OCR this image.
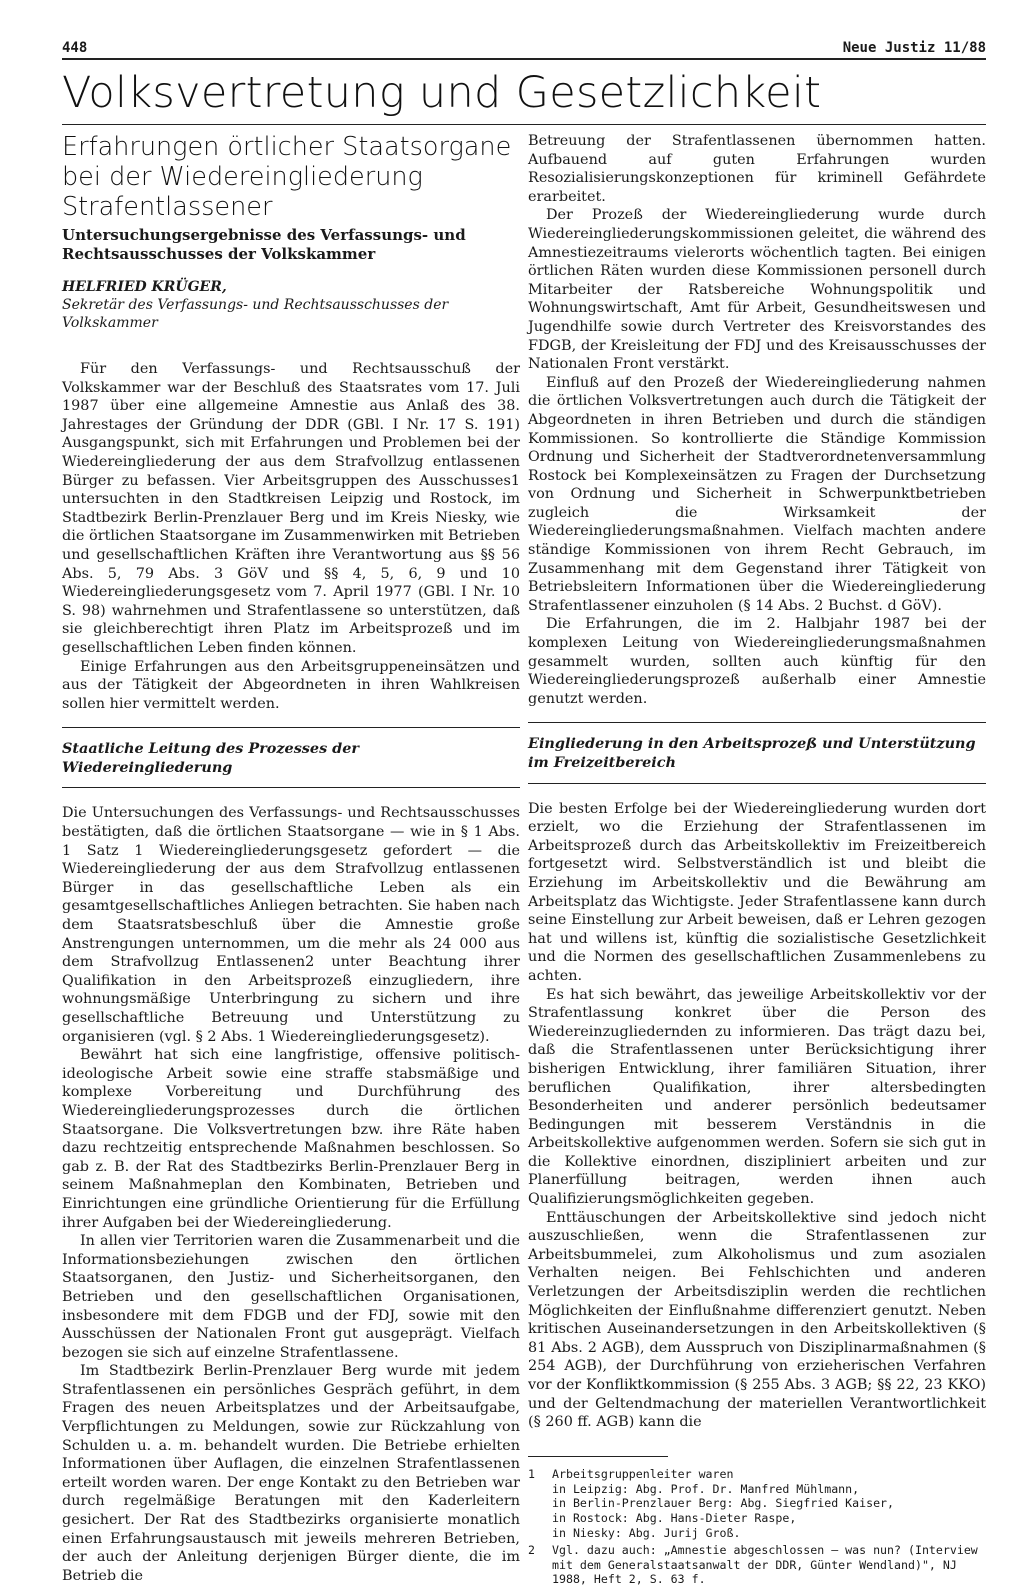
448	Neue Justiz 11/88
Volksvertretung und Gesetzlichkeit
Erfahrungen örtlicher Staatsorgane bei der Wiedereingliederung Strafentlassener
Untersuchungsergebnisse des Verfassungs- und Rechtsausschusses der Volkskammer
HELFRIED KRÜGER,
Sekretär des Verfassungs- und Rechtsausschusses der Volkskammer

Für den Verfassungs- und Rechtsausschuß der Volkskammer war der Beschluß des Staatsrates vom 17. Juli 1987 über eine allgemeine Amnestie aus Anlaß des 38. Jahrestages der Gründung der DDR (GBl. I Nr. 17 S. 191) Ausgangspunkt, sich mit Erfahrungen und Problemen bei der Wiedereingliederung der aus dem Strafvollzug entlassenen Bürger zu befassen. Vier Arbeitsgruppen des Ausschusses1 untersuchten in den Stadtkreisen Leipzig und Rostock, im Stadtbezirk Berlin-Prenzlauer Berg und im Kreis Niesky, wie die örtlichen Staatsorgane im Zusammenwirken mit Betrieben und gesellschaftlichen Kräften ihre Verantwortung aus §§ 56 Abs. 5, 79 Abs. 3 GöV und §§ 4, 5, 6, 9 und 10 Wiedereingliederungsgesetz vom 7. April 1977 (GBl. I Nr. 10 S. 98) wahrnehmen und Strafentlassene so unterstützen, daß sie gleichberechtigt ihren Platz im Arbeitsprozeß und im gesellschaftlichen Leben finden können.

Einige Erfahrungen aus den Arbeitsgruppeneinsätzen und aus der Tätigkeit der Abgeordneten in ihren Wahlkreisen sollen hier vermittelt werden.

Staatliche Leitung des Prozesses der Wiedereingliederung

Die Untersuchungen des Verfassungs- und Rechtsausschusses bestätigten, daß die örtlichen Staatsorgane — wie in § 1 Abs. 1 Satz 1 Wiedereingliederungsgesetz gefordert — die Wiedereingliederung der aus dem Strafvollzug entlassenen Bürger in das gesellschaftliche Leben als ein gesamtgesellschaftliches Anliegen betrachten. Sie haben nach dem Staatsratsbeschluß über die Amnestie große Anstrengungen unternommen, um die mehr als 24 000 aus dem Strafvollzug Entlassenen2 unter Beachtung ihrer Qualifikation in den Arbeitsprozeß einzugliedern, ihre wohnungsmäßige Unterbringung zu sichern und ihre gesellschaftliche Betreuung und Unterstützung zu organisieren (vgl. § 2 Abs. 1 Wiedereingliederungsgesetz).

Bewährt hat sich eine langfristige, offensive politisch-ideologische Arbeit sowie eine straffe stabsmäßige und komplexe Vorbereitung und Durchführung des Wiedereingliederungsprozesses durch die örtlichen Staatsorgane. Die Volksvertretungen bzw. ihre Räte haben dazu rechtzeitig entsprechende Maßnahmen beschlossen. So gab z. B. der Rat des Stadtbezirks Berlin-Prenzlauer Berg in seinem Maßnahmeplan den Kombinaten, Betrieben und Einrichtungen eine gründliche Orientierung für die Erfüllung ihrer Aufgaben bei der Wiedereingliederung.

In allen vier Territorien waren die Zusammenarbeit und die Informationsbeziehungen zwischen den örtlichen Staatsorganen, den Justiz- und Sicherheitsorganen, den Betrieben und den gesellschaftlichen Organisationen, insbesondere mit dem FDGB und der FDJ, sowie mit den Ausschüssen der Nationalen Front gut ausgeprägt. Vielfach bezogen sie sich auf einzelne Strafentlassene.

Im Stadtbezirk Berlin-Prenzlauer Berg wurde mit jedem Strafentlassenen ein persönliches Gespräch geführt, in dem Fragen des neuen Arbeitsplatzes und der Arbeitsaufgabe, Verpflichtungen zu Meldungen, sowie zur Rückzahlung von Schulden u. a. m. behandelt wurden. Die Betriebe erhielten Informationen über Auflagen, die einzelnen Strafentlassenen erteilt worden waren. Der enge Kontakt zu den Betrieben war durch regelmäßige Beratungen mit den Kaderleitern gesichert. Der Rat des Stadtbezirks organisierte monatlich einen Erfahrungsaustausch mit jeweils mehreren Betrieben, der auch der Anleitung derjenigen Bürger diente, die im Betrieb die

Betreuung der Strafentlassenen übernommen hatten. Aufbauend auf guten Erfahrungen wurden Resozialisierungskonzeptionen für kriminell Gefährdete erarbeitet.

Der Prozeß der Wiedereingliederung wurde durch Wiedereingliederungskommissionen geleitet, die während des Amnestiezeitraums vielerorts wöchentlich tagten. Bei einigen örtlichen Räten wurden diese Kommissionen personell durch Mitarbeiter der Ratsbereiche Wohnungspolitik und Wohnungswirtschaft, Amt für Arbeit, Gesundheitswesen und Jugendhilfe sowie durch Vertreter des Kreisvorstandes des FDGB, der Kreisleitung der FDJ und des Kreisausschusses der Nationalen Front verstärkt.

Einfluß auf den Prozeß der Wiedereingliederung nahmen die örtlichen Volksvertretungen auch durch die Tätigkeit der Abgeordneten in ihren Betrieben und durch die ständigen Kommissionen. So kontrollierte die Ständige Kommission Ordnung und Sicherheit der Stadtverordnetenversammlung Rostock bei Komplexeinsätzen zu Fragen der Durchsetzung von Ordnung und Sicherheit in Schwerpunktbetrieben zugleich die Wirksamkeit der Wiedereingliederungsmaßnahmen. Vielfach machten andere ständige Kommissionen von ihrem Recht Gebrauch, im Zusammenhang mit dem Gegenstand ihrer Tätigkeit von Betriebsleitern Informationen über die Wiedereingliederung Strafentlassener einzuholen (§ 14 Abs. 2 Buchst. d GöV).

Die Erfahrungen, die im 2. Halbjahr 1987 bei der komplexen Leitung von Wiedereingliederungsmaßnahmen gesammelt wurden, sollten auch künftig für den Wiedereingliederungsprozeß außerhalb einer Amnestie genutzt werden.

Eingliederung in den Arbeitsprozeß und Unterstützung im Freizeitbereich

Die besten Erfolge bei der Wiedereingliederung wurden dort erzielt, wo die Erziehung der Strafentlassenen im Arbeitsprozeß durch das Arbeitskollektiv im Freizeitbereich fortgesetzt wird. Selbstverständlich ist und bleibt die Erziehung im Arbeitskollektiv und die Bewährung am Arbeitsplatz das Wichtigste. Jeder Strafentlassene kann durch seine Einstellung zur Arbeit beweisen, daß er Lehren gezogen hat und willens ist, künftig die sozialistische Gesetzlichkeit und die Normen des gesellschaftlichen Zusammenlebens zu achten.

Es hat sich bewährt, das jeweilige Arbeitskollektiv vor der Strafentlassung konkret über die Person des Wiedereinzugliedernden zu informieren. Das trägt dazu bei, daß die Strafentlassenen unter Berücksichtigung ihrer bisherigen Entwicklung, ihrer familiären Situation, ihrer beruflichen Qualifikation, ihrer altersbedingten Besonderheiten und anderer persönlich bedeutsamer Bedingungen mit besserem Verständnis in die Arbeitskollektive aufgenommen werden. Sofern sie sich gut in die Kollektive einordnen, diszipliniert arbeiten und zur Planerfüllung beitragen, werden ihnen auch Qualifizierungsmöglichkeiten gegeben.

Enttäuschungen der Arbeitskollektive sind jedoch nicht auszuschließen, wenn die Strafentlassenen zur Arbeitsbummelei, zum Alkoholismus und zum asozialen Verhalten neigen. Bei Fehlschichten und anderen Verletzungen der Arbeitsdisziplin werden die rechtlichen Möglichkeiten der Einflußnahme differenziert genutzt. Neben kritischen Auseinandersetzungen in den Arbeitskollektiven (§ 81 Abs. 2 AGB), dem Ausspruch von Disziplinarmaßnahmen (§ 254 AGB), der Durchführung von erzieherischen Verfahren vor der Konfliktkommission (§ 255 Abs. 3 AGB; §§ 22, 23 KKO) und der Geltendmachung der materiellen Verantwortlichkeit (§ 260 ff. AGB) kann die

1	Arbeitsgruppenleiter waren
in Leipzig: Abg. Prof. Dr. Manfred Mühlmann,
in Berlin-Prenzlauer Berg: Abg. Siegfried Kaiser,
in Rostock: Abg. Hans-Dieter Raspe,
in Niesky: Abg. Jurij Groß.
2	Vgl. dazu auch: „Amnestie abgeschlossen — was nun? (Interview
mit dem Generalstaatsanwalt der DDR, Günter Wendland)", NJ
1988, Heft 2, S. 63 f.
